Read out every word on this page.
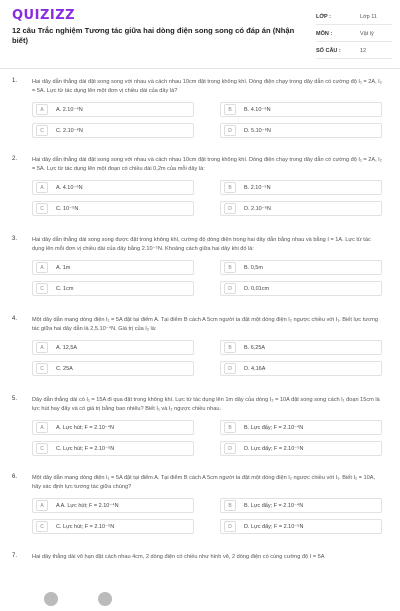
QUIZIZZ
12 câu Trắc nghiệm Tương tác giữa hai dòng điện song song có đáp án (Nhận biết)
LỚP :	Lớp 11
MÔN :	Vật lý
SỐ CÂU :	12
1.	Hai dây dẫn thẳng dài đặt song song với nhau và cách nhau 10cm đặt trong không khí. Dòng điện chạy trong dây dẫn có cường độ I₁ = 2A, I₂ = 5A. Lực từ tác dụng lên một đơn vị chiều dài của dây là?
A	A. 2.10⁻⁴N	B	B. 4.10⁻⁶N
C	C. 2.10⁻⁶N	D	D. 5.10⁻⁶N
2.	Hai dây dẫn thẳng dài đặt song song với nhau và cách nhau 10cm đặt trong không khí. Dòng điện chạy trong dây dẫn có cường độ I₁ = 2A, I₂ = 5A. Lực từ tác dụng lên một đoạn có chiều dài 0,2m của mỗi dây là:
A	A. 4.10⁻⁶N	B	B. 2.10⁻⁵N
C	C. 10⁻⁵N	D	D. 2.10⁻⁶N
3.	Hai dây dẫn thẳng dài song song được đặt trong không khí, cường độ dòng điện trong hai dây dẫn bằng nhau và bằng I = 1A. Lực từ tác dụng lên mỗi đơn vị chiều dài của dây bằng 2.10⁻⁵N. Khoảng cách giữa hai dây khi đó là:
A	A. 1m	B	B. 0,5m
C	C. 1cm	D	D. 0,01cm
4.	Một dây dẫn mang dòng điện I₁ = 5A đặt tại điểm A. Tại điểm B cách A 5cm người ta đặt một dòng điện I₂ ngược chiều với I₁. Biết lực tương tác giữa hai dây dẫn là 2,5.10⁻⁴N. Giá trị của I₂ là:
A	A. 12,5A	B	B. 6,25A
C	C. 25A	D	D. 4,16A
5.	Dây dẫn thẳng dài có I₁ = 15A đi qua đặt trong không khí. Lực từ tác dụng lên 1m dây của dòng I₂ = 10A đặt song song cách I₁ đoạn 15cm là lực hút hay đẩy và có giá trị bằng bao nhiêu? Biết I₁ và I₂ ngược chiều nhau.
A	A. Lực hút; F = 2.10⁻⁴N	B	B. Lực đẩy; F = 2.10⁻⁴N
C	C. Lực hút; F = 2.10⁻⁵N	D	D. Lực đẩy; F = 2.10⁻⁵N
6.	Một dây dẫn mang dòng điện I₁ = 5A đặt tại điểm A. Tại điểm B cách A 5cm người ta đặt một dòng điện I₂ ngược chiều với I₁. Biết I₂ = 10A, hãy xác định lực tương tác giữa chúng?
A	A A. Lực hút; F = 2.10⁻⁴N	B	B. Lực đẩy; F = 2.10⁻⁴N
C	C. Lực hút; F = 2.10⁻⁵N	D	D. Lực đẩy; F = 2.10⁻⁵N
7.	Hai dây thẳng dài vô hạn đặt cách nhau 4cm, 2 dòng điện có chiều như hình vẽ, 2 dòng điện có cùng cường độ I = 5A
